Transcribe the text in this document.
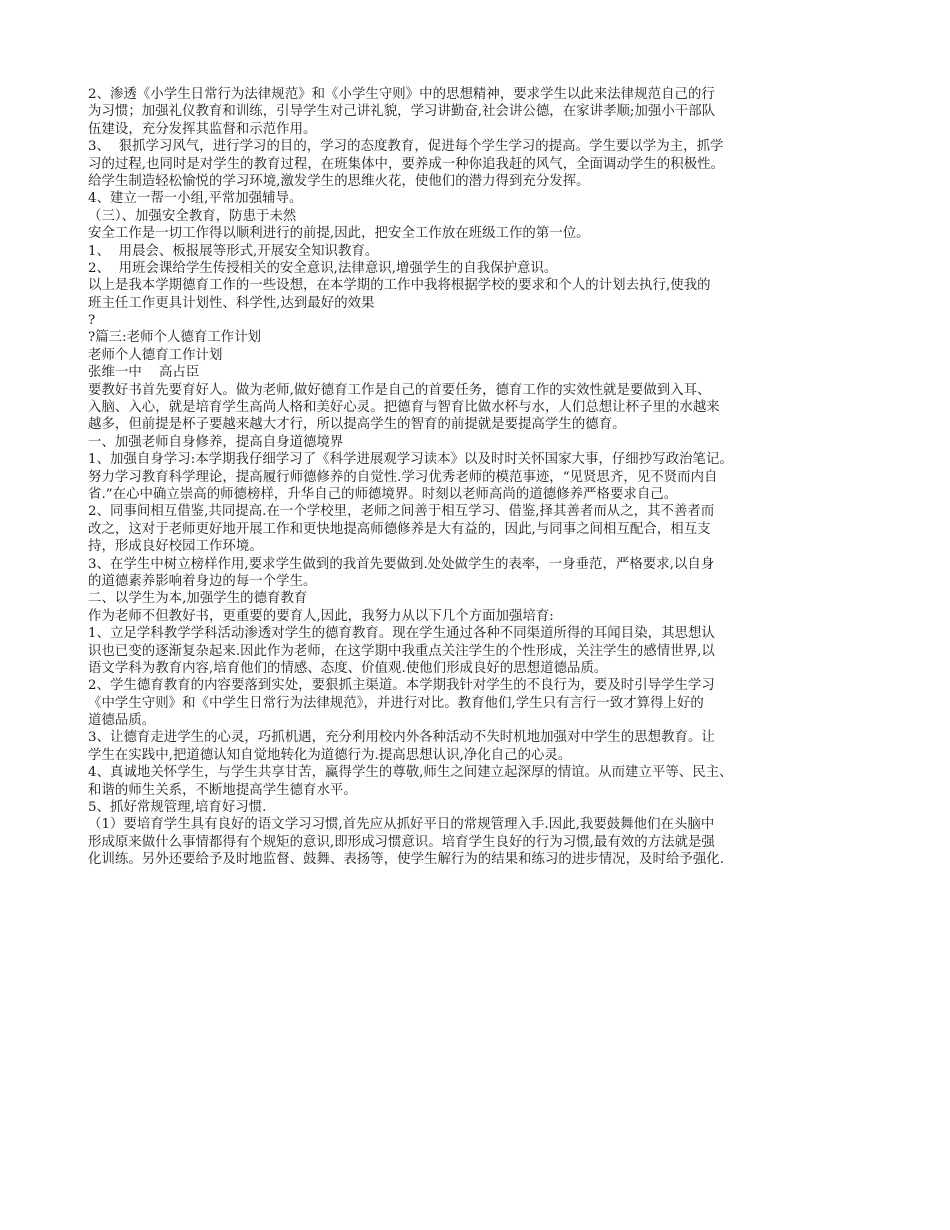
2、渗透《小学生日常行为法律规范》和《小学生守则》中的思想精神，要求学生以此来法律规范自己的行
为习惯；加强礼仪教育和训练，引导学生对己讲礼貌，学习讲勤奋,社会讲公德，在家讲孝顺;加强小干部队
伍建设，充分发挥其监督和示范作用。
3、  狠抓学习风气，进行学习的目的，学习的态度教育，促进每个学生学习的提高。学生要以学为主，抓学
习的过程,也同时是对学生的教育过程，在班集体中，要养成一种你追我赶的风气，全面调动学生的积极性。
给学生制造轻松愉悦的学习环境,激发学生的思维火花，使他们的潜力得到充分发挥。
4、建立一帮一小组,平常加强辅导。
（三）、加强安全教育，防患于未然
安全工作是一切工作得以顺利进行的前提,因此，把安全工作放在班级工作的第一位。
1、  用晨会、板报展等形式,开展安全知识教育。
2、  用班会课给学生传授相关的安全意识,法律意识,增强学生的自我保护意识。
以上是我本学期德育工作的一些设想，在本学期的工作中我将根据学校的要求和个人的计划去执行,使我的
班主任工作更具计划性、科学性,达到最好的效果
?
?篇三:老师个人德育工作计划
老师个人德育工作计划
张维一中    高占臣
要教好书首先要育好人。做为老师,做好德育工作是自己的首要任务，德育工作的实效性就是要做到入耳、
入脑、入心，就是培育学生高尚人格和美好心灵。把德育与智育比做水杯与水，人们总想让杯子里的水越来
越多，但前提是杯子要越来越大才行，所以提高学生的智育的前提就是要提高学生的德育。
一、加强老师自身修养，提高自身道德境界
1、加强自身学习:本学期我仔细学习了《科学进展观学习读本》以及时时关怀国家大事，仔细抄写政治笔记。
努力学习教育科学理论，提高履行师德修养的自觉性.学习优秀老师的模范事迹，“见贤思齐，见不贤而内自
省.”在心中确立崇高的师德榜样，升华自己的师德境界。时刻以老师高尚的道德修养严格要求自己。
2、同事间相互借鉴,共同提高.在一个学校里，老师之间善于相互学习、借鉴,择其善者而从之，其不善者而
改之，这对于老师更好地开展工作和更快地提高师德修养是大有益的，因此,与同事之间相互配合，相互支
持，形成良好校园工作环境。
3、在学生中树立榜样作用,要求学生做到的我首先要做到.处处做学生的表率，一身垂范，严格要求,以自身
的道德素养影响着身边的每一个学生。
二、以学生为本,加强学生的德育教育
作为老师不但教好书，更重要的要育人,因此，我努力从以下几个方面加强培育:
1、立足学科教学学科活动渗透对学生的德育教育。现在学生通过各种不同渠道所得的耳闻目染，其思想认
识也已变的逐渐复杂起来.因此作为老师，在这学期中我重点关注学生的个性形成，关注学生的感情世界,以
语文学科为教育内容,培育他们的情感、态度、价值观.使他们形成良好的思想道德品质。
2、学生德育教育的内容要落到实处，要狠抓主渠道。本学期我针对学生的不良行为，要及时引导学生学习
《中学生守则》和《中学生日常行为法律规范》，并进行对比。教育他们,学生只有言行一致才算得上好的
道德品质。
3、让德育走进学生的心灵，巧抓机遇，充分利用校内外各种活动不失时机地加强对中学生的思想教育。让
学生在实践中,把道德认知自觉地转化为道德行为.提高思想认识,净化自己的心灵。
4、真诚地关怀学生，与学生共享甘苦，赢得学生的尊敬,师生之间建立起深厚的情谊。从而建立平等、民主、
和谐的师生关系，不断地提高学生德育水平。
5、抓好常规管理,培育好习惯.
（1）要培育学生具有良好的语文学习习惯,首先应从抓好平日的常规管理入手.因此,我要鼓舞他们在头脑中
形成原来做什么事情都得有个规矩的意识,即形成习惯意识。培育学生良好的行为习惯,最有效的方法就是强
化训练。另外还要给予及时地监督、鼓舞、表扬等，使学生解行为的结果和练习的进步情况，及时给予强化.
